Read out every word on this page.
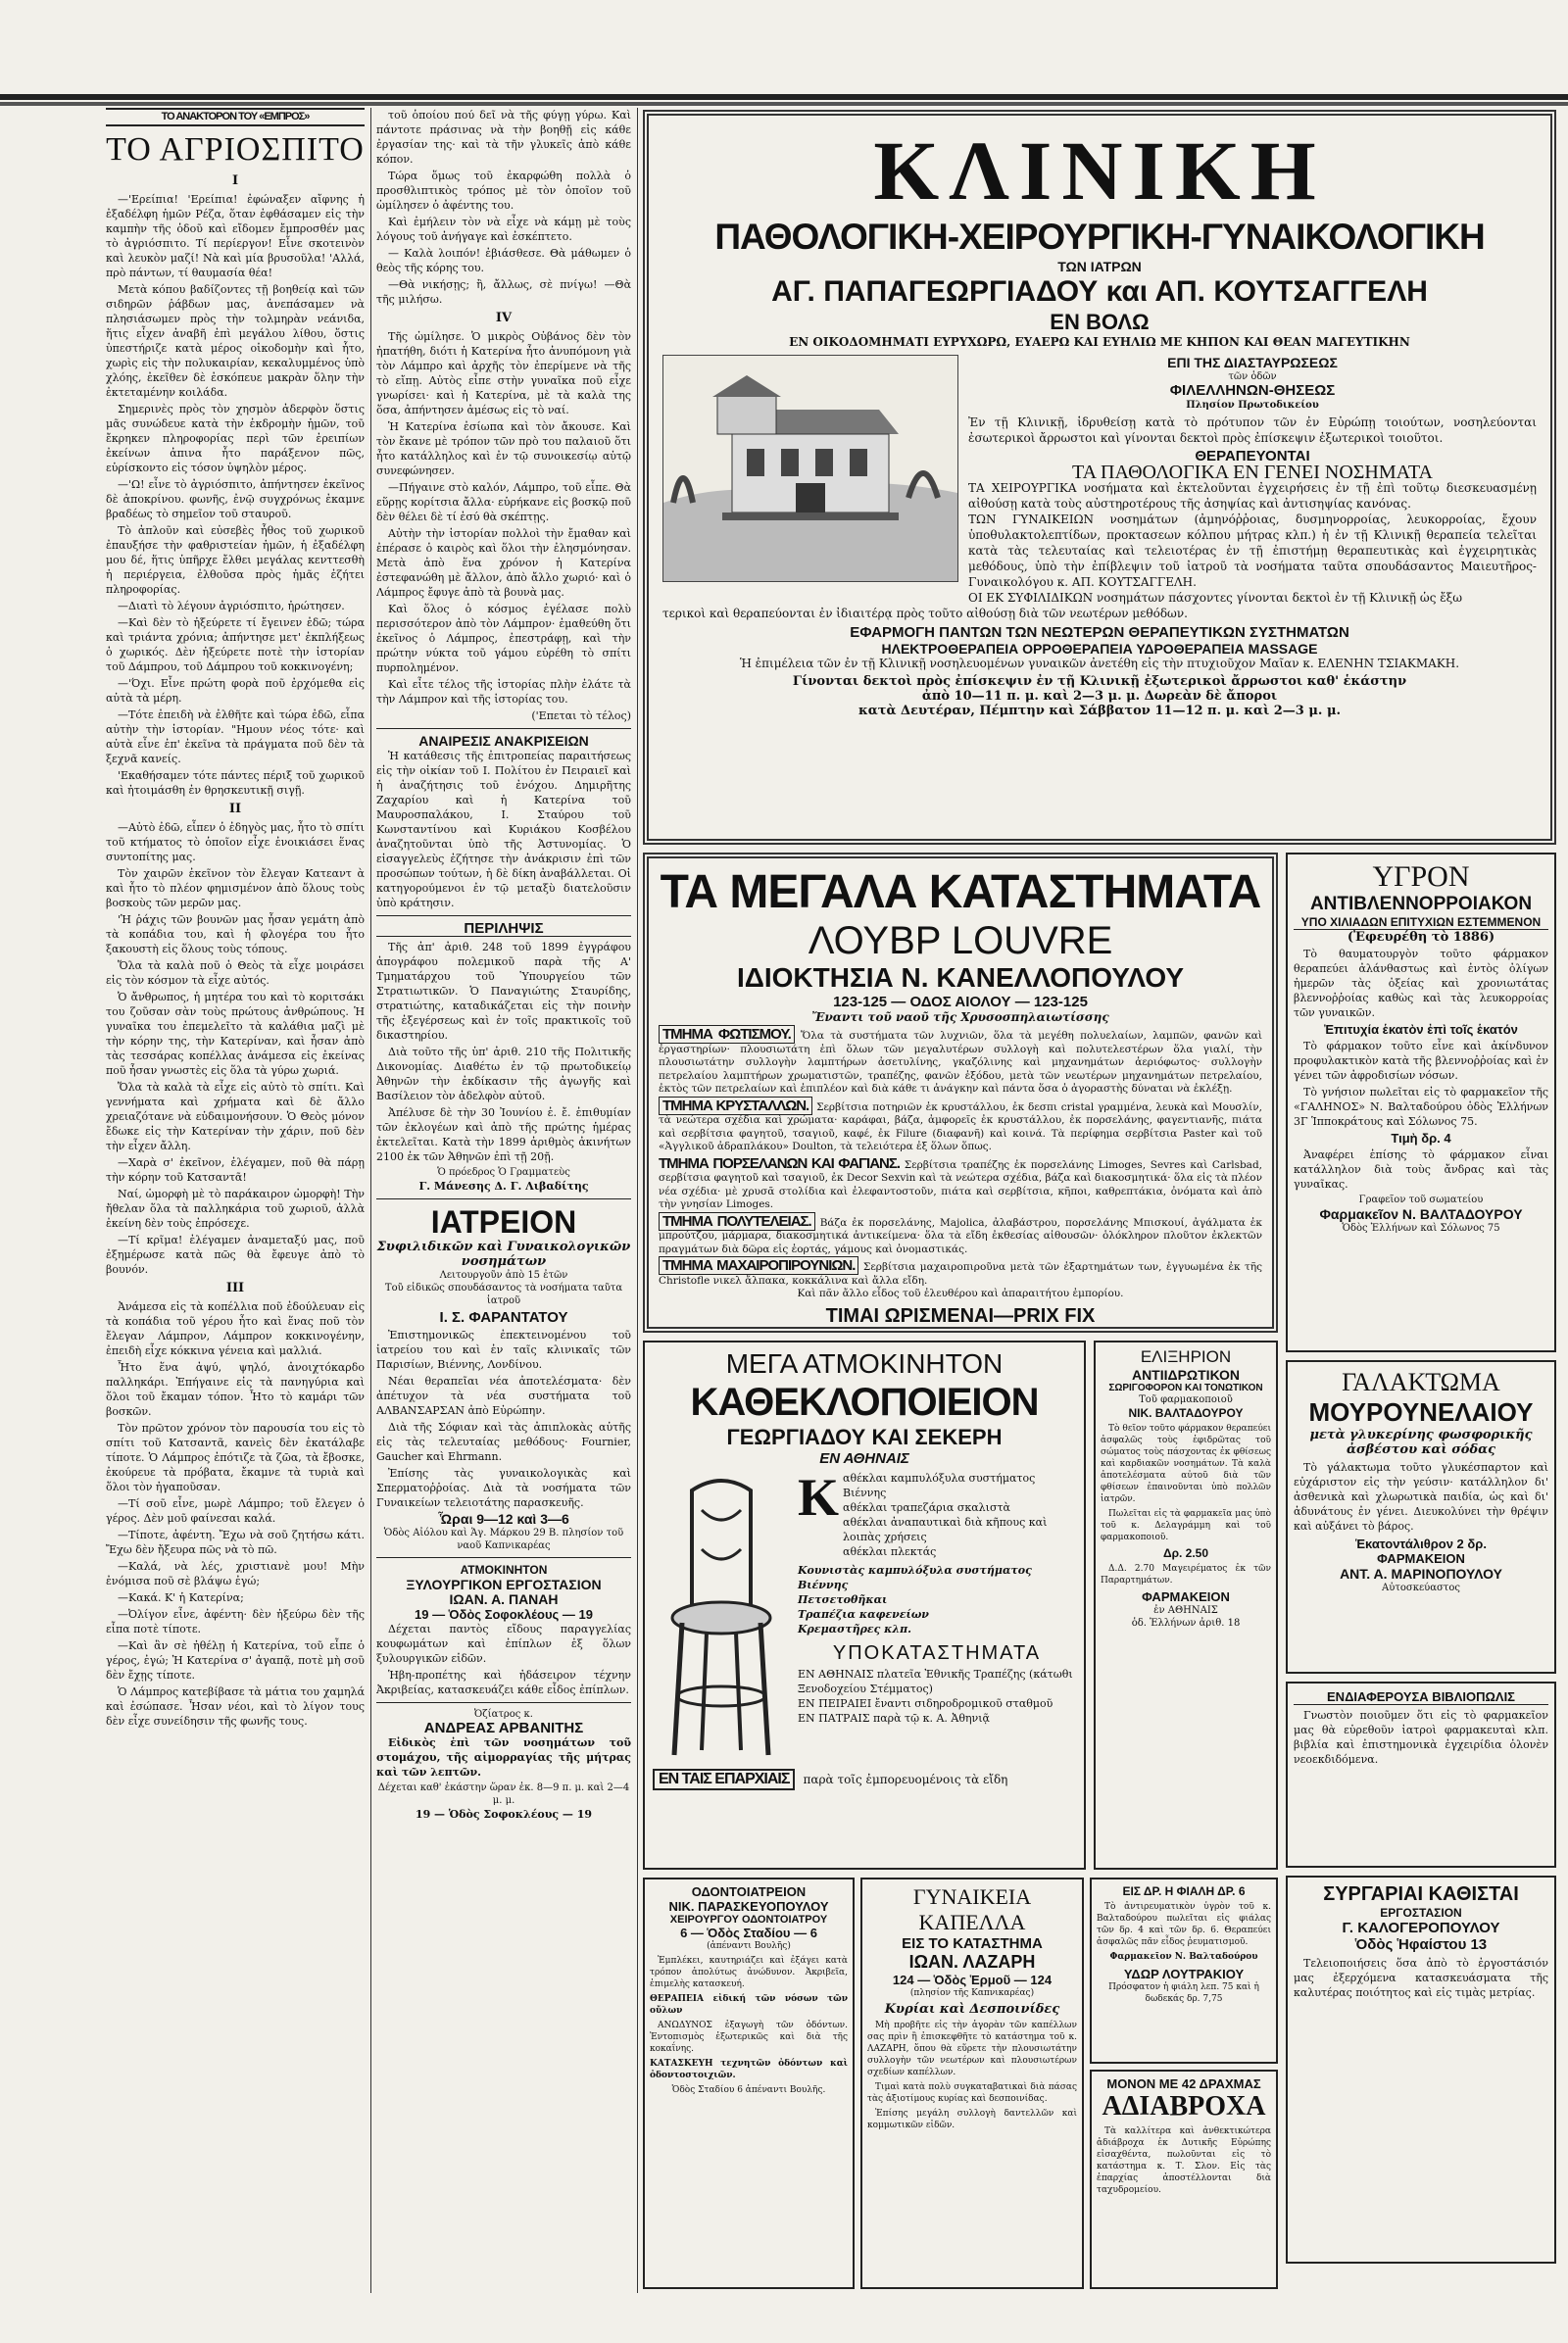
ΤΟ ΑΝΑΚΤΟΡΟΝ ΤΟΥ «ΕΜΠΡΟΣ»
ΤΟ ΑΓΡΙΟΣΠΙΤΟ
I

—'Ερείπια! 'Ερείπια! ἐφώναξεν αἴφνης ἡ ἐξαδέλφη ἡμῶν Ρέζα, ὅταν ἐφθάσαμεν εἰς τὴν καμπὴν τῆς ὁδοῦ καὶ εἴδομεν ἔμπροσθέν μας τὸ ἀγριόσπιτο. Τί περίεργον! Εἶνε σκοτεινὸν καὶ λευκὸν μαζί! Νὰ καὶ μία βρυσοῦλα! 'Αλλά, πρὸ πάντων, τί θαυμασία θέα!

Μετὰ κόπου βαδίζοντες τῇ βοηθείᾳ καὶ τῶν σιδηρῶν ῥάβδων μας, ἀνεπάσαμεν νὰ πλησιάσωμεν πρὸς τὴν τολμηρὰν νεάνιδα, ἥτις εἶχεν ἀναβῆ ἐπὶ μεγάλου λίθου, ὅστις ὑπεστήριζε κατὰ μέρος οἰκοδομὴν καὶ ἧτο, χωρὶς εἰς τὴν πολυκαιρίαν, κεκαλυμμένος ὑπὸ χλόης, ἐκεῖθεν δὲ ἐσκόπευε μακρὰν ὅλην τὴν ἐκτεταμένην κοιλάδα.

Σημερινὲς πρὸς τὸν χησμὸν ἀδερφὸν ὅστις μᾶς συνώδευε κατὰ τὴν ἐκδρομὴν ἡμῶν, τοῦ ἔκρηκεν πληροφορίας περὶ τῶν ἐρειπίων ἐκείνων ἀπινα ἦτο παράξενον πῶς, εὑρίσκοντο εἰς τόσον ὑψηλὸν μέρος.

—'Ω! εἶνε τὸ ἀγριόσπιτο, ἀπήντησεν ἐκεῖνος δὲ ἀποκρίνου. φωνῆς, ἐνῷ συγχρόνως ἐκαμνε βραδέως τὸ σημεῖον τοῦ σταυροῦ.

Τὸ ἀπλοῦν καὶ εὐσεβὲς ἦθος τοῦ χωρικοῦ ἐπαυξήσε τὴν φαθριστείαν ἡμῶν, ἡ ἐξαδέλφη μου δέ, ἥτις ὑπῆρχε ἔλθει μεγάλας κενττεσθὴ ἡ περιέργεια, ἐλθοῦσα πρὸς ἡμᾶς ἐζήτει πληροφορίας.

—Διατὶ τὸ λέγουν ἀγριόσπιτο, ἠρώτησεν.

—Καὶ δὲν τὸ ἠξεύρετε τί ἔγεινεν ἐδῶ; τώρα καὶ τριάντα χρόνια; ἀπήντησε μετ' ἐκπλήξεως ὁ χωρικός. Δὲν ἠξεύρετε ποτὲ τὴν ἱστορίαν τοῦ Δάμπρου, τοῦ Δάμπρου τοῦ κοκκινογένη;

—'Όχι. Εἶνε πρώτη φορὰ ποῦ ἐρχόμεθα εἰς αὐτὰ τὰ μέρη.

—Τότε ἐπειδὴ νὰ ἐλθῆτε καὶ τώρα ἐδῶ, εἶπα αὐτὴν τὴν ἱστορίαν. "Ημουν νέος τότε· καὶ αὐτὰ εἶνε ἐπ' ἐκεῖνα τὰ πράγματα ποῦ δὲν τὰ ξεχνᾶ κανείς.

'Εκαθήσαμεν τότε πάντες πέριξ τοῦ χωρικοῦ καὶ ἠτοιμάσθη ἐν θρησκευτικῇ σιγῇ.

II

—Αὐτὸ ἐδῶ, εἶπεν ὁ ἐδηγὸς μας, ἦτο τὸ σπίτι τοῦ κτήματος τὸ ὁποῖον εἶχε ἐνοικιάσει ἕνας συντοπίτης μας.

Τὸν χαιρῶν ἐκεῖνον τὸν ἔλεγαν Κατεαντ ὰ καὶ ἦτο τὸ πλέον φημισμένον ἀπὸ ὅλους τοὺς βοσκοὺς τῶν μερῶν μας.

'Ἡ ῥάχις τῶν βουνῶν μας ἦσαν γεμάτη ἀπὸ τὰ κοπάδια του, καὶ ἡ φλογέρα του ἦτο ξακουστὴ εἰς ὅλους τοὺς τόπους.

Ὅλα τὰ καλὰ ποῦ ὁ Θεὸς τὰ εἶχε μοιράσει εἰς τὸν κόσμον τὰ εἶχε αὐτός.

Ὁ ἄνθρωπος, ἡ μητέρα του καὶ τὸ κοριτσάκι του ζοῦσαν σὰν τοὺς πρώτους ἀνθρώπους. Ἡ γυναῖκα του ἐπεμελεῖτο τὰ καλάθια μαζὶ μὲ τὴν κόρην της, τὴν Κατερίναν, καὶ ἦσαν ἀπὸ τὰς τεσσάρας κοπέλλας ἀνάμεσα εἰς ἐκείνας ποῦ ἦσαν γνωστὲς εἰς ὅλα τὰ γύρω χωριά.

Ὅλα τὰ καλὰ τὰ εἶχε εἰς αὐτὸ τὸ σπίτι. Καὶ γεννήματα καὶ χρήματα καὶ δὲ ἄλλο χρειαζότανε νὰ εὐδαιμονήσουν. Ὁ Θεὸς μόνον ἔδωκε εἰς τὴν Κατερίναν τὴν χάριν, ποῦ δὲν τὴν εἶχεν ἄλλη.

—Χαρὰ σ' ἐκεῖνον, ἐλέγαμεν, ποῦ θὰ πάρῃ τὴν κόρην τοῦ Κατσαντᾶ!

Ναί, ὡμορφὴ μὲ τὸ παράκαιρον ὡμορφὴ! Τὴν ἤθελαν ὅλα τὰ παλληκάρια τοῦ χωριοῦ, ἀλλὰ ἐκείνη δὲν τοὺς ἐπρόσεχε.

—Τί κρῖμα! ἐλέγαμεν ἀναμεταξύ μας, ποῦ ἐξημέρωσε κατὰ πῶς θὰ ἔφευγε ἀπὸ τὸ βουνόν.

III

Ἀνάμεσα εἰς τὰ κοπέλλια ποῦ ἐδούλευαν εἰς τὰ κοπάδια τοῦ γέρου ἦτο καὶ ἕνας ποῦ τὸν ἔλεγαν Λάμπρον, Λάμπρον κοκκινογένην, ἐπειδὴ εἶχε κόκκινα γένεια καὶ μαλλιά.

Ἦτο ἕνα ἀψύ, ψηλό, ἀνοιχτόκαρδο παλληκάρι. Ἐπήγαινε εἰς τὰ πανηγύρια καὶ ὅλοι τοῦ ἔκαμαν τόπον. Ἦτο τὸ καμάρι τῶν βοσκῶν.

Τὸν πρῶτον χρόνον τὸν παρουσία του εἰς τὸ σπίτι τοῦ Κατσαντᾶ, κανεὶς δὲν ἐκατάλαβε τίποτε. Ὁ Λάμπρος ἐπότιζε τὰ ζῶα, τὰ ἔβοσκε, ἐκούρευε τὰ πρόβατα, ἔκαμνε τὰ τυριὰ καὶ ὅλοι τὸν ἠγαποῦσαν.

—Τί σοῦ εἶνε, μωρὲ Λάμπρο; τοῦ ἔλεγεν ὁ γέρος. Δὲν μοῦ φαίνεσαι καλά.

—Τίποτε, ἀφέντη. Ἔχω νὰ σοῦ ζητήσω κάτι. Ἔχω δὲν ἤξευρα πῶς νὰ τὸ πῶ.

—Καλά, νὰ λές, χριστιανὲ μου! Μὴν ἐνόμισα ποῦ σὲ βλάψω ἐγώ;

—Κακά. Κ' ἡ Κατερίνα;

—Ὀλίγον εἶνε, ἀφέντη· δὲν ἠξεύρω δὲν τῆς εἶπα ποτὲ τίποτε.

—Καὶ ἂν σὲ ἠθέλῃ ἡ Κατερίνα, τοῦ εἶπε ὁ γέρος, ἐγώ; Ἡ Κατερίνα σ' ἀγαπᾷ, ποτὲ μὴ σοῦ δὲν ἔχῃς τίποτε.

Ὁ Λάμπρος κατεβίβασε τὰ μάτια του χαμηλά καὶ ἐσώπασε. Ἦσαν νέοι, καὶ τὸ λίγον τους δὲν εἶχε συνείδησιν τῆς φωνῆς τους.

τοῦ ὁποίου πού δεῖ νὰ τῆς φύγῃ γύρω. Καὶ πάντοτε πράσινας νὰ τὴν βοηθῇ εἰς κάθε ἐργασίαν της· καὶ τὰ τῆν γλυκεῖς ἀπὸ κάθε κόπον.

Τώρα ὅμως τοῦ ἐκαρφώθη πολλὰ ὁ προσθλιπτικὸς τρόπος μὲ τὸν ὁποῖον τοῦ ὡμίλησεν ὁ ἀφέντης του.

Καὶ ἐμήλειν τὸν νὰ εἶχε νὰ κάμῃ μὲ τοὺς λόγους τοῦ ἀνήγαγε καὶ ἐσκέπτετο.

— Καλὰ λοιπόν! ἐβιάσθεσε. Θὰ μάθωμεν ὁ θεὸς τῆς κόρης του.

—Θὰ νικήσῃς; ἢ, ἄλλως, σὲ πνίγω! —Θὰ τῆς μιλήσω.

IV

Τῆς ὡμίλησε. Ὁ μικρὸς Οὐβάνος δὲν τὸν ἠπατήθη, διότι ἡ Κατερίνα ἦτο ἀνυπόμονη γιὰ τὸν Λάμπρο καὶ ἀρχῆς τὸν ἐπερίμενε νὰ τῆς τὸ εἴπῃ. Αὐτὸς εἶπε στὴν γυναῖκα ποῦ εἶχε γνωρίσει· καὶ ἡ Κατερίνα, μὲ τὰ καλὰ της ὅσα, ἀπήντησεν ἀμέσως εἰς τὸ ναί.

Ἡ Κατερίνα ἐσίωπα καὶ τὸν ἄκουσε. Καὶ τὸν ἔκανε μὲ τρόπον τῶν πρὸ του παλαιοῦ ὅτι ἦτο κατάλληλος καὶ ἐν τῷ συνοικεσίῳ αὐτῷ συνεφώνησεν.

—Πήγαινε στὸ καλόν, Λάμπρο, τοῦ εἶπε. Θὰ εὕρῃς κορίτσια ἄλλα· εὑρήκανε εἰς βοσκῷ ποῦ δὲν θέλει δὲ τί ἐσύ θὰ σκέπτῃς.

Αὐτὴν τὴν ἱστορίαν πολλοὶ τὴν ἔμαθαν καὶ ἐπέρασε ὁ καιρὸς καὶ ὅλοι τὴν ἐλησμόνησαν. Μετὰ ἀπὸ ἕνα χρόνον ἡ Κατερίνα ἐστεφανώθη μὲ ἄλλον, ἀπὸ ἄλλο χωριό· καὶ ὁ Λάμπρος ἔφυγε ἀπὸ τὰ βουνὰ μας.

Καὶ ὅλος ὁ κόσμος ἐγέλασε πολὺ περισσότερον ἀπὸ τὸν Λάμπρον· ἐμαθεύθη ὅτι ἐκεῖνος ὁ Λάμπρος, ἐπεστράφῃ, καὶ τὴν πρώτην νύκτα τοῦ γάμου εὑρέθη τὸ σπίτι πυρπολημένον.

Καὶ εἶτε τέλος τῆς ἱστορίας πλὴν ἐλάτε τὰ τὴν Λάμπρον καὶ τῆς ἱστορίας του.

('Επεται τὸ τέλος)
ΑΝΑΙΡΕΣΙΣ ΑΝΑΚΡΙΣΕΙΩΝ

Ἡ κατάθεσις τῆς ἐπιτροπείας παραιτήσεως εἰς τὴν οἰκίαν τοῦ Ι. Πολίτου ἐν Πειραιεῖ καὶ ἡ ἀναζήτησις τοῦ ἐνόχου. Δημιρῆτης Ζαχαρίου καὶ ἡ Κατερίνα τοῦ Μαυροσπαλάκου, Ι. Σταύρου τοῦ Κωνσταντίνου καὶ Κυριάκου Κοσβέλου ἀναζητοῦνται ὑπὸ τῆς Ἀστυνομίας. Ὁ εἰσαγγελεὺς ἐζήτησε τὴν ἀνάκρισιν ἐπὶ τῶν προσώπων τούτων, ἡ δὲ δίκη ἀναβάλλεται. Οἱ κατηγορούμενοι ἐν τῷ μεταξὺ διατελοῦσιν ὑπὸ κράτησιν.

ΠΕΡΙΛΗΨΙΣ

Τῆς ἀπ' ἀριθ. 248 τοῦ 1899 ἐγγράφου ἀπογράφου πολεμικοῦ παρὰ τῆς Α' Τμηματάρχου τοῦ Ὑπουργείου τῶν Στρατιωτικῶν. Ὁ Παναγιώτης Σταυρίδης, στρατιώτης, καταδικάζεται εἰς τὴν ποινὴν τῆς ἐξεγέρσεως καὶ ἐν τοῖς πρακτικοῖς τοῦ δικαστηρίου.

Διὰ τοῦτο τῆς ὑπ' ἀριθ. 210 τῆς Πολιτικῆς Δικονομίας. Διαθέτω ἐν τῷ πρωτοδικείῳ Ἀθηνῶν τὴν ἐκδίκασιν τῆς ἀγωγῆς καὶ Βασίλειον τὸν ἀδελφὸν αὐτοῦ.

Ἀπέλυσε δὲ τὴν 30 Ἰουνίου ἐ. ἔ. ἐπιθυμίαν τῶν ἐκλογέων καὶ ἀπὸ τῆς πρώτης ἡμέρας ἐκτελεῖται. Κατὰ τὴν 1899 ἀριθμὸς ἀκινήτων 2100 ἐκ τῶν Ἀθηνῶν ἐπὶ τῇ 20ῇ.

Ὁ πρόεδρος Ὁ Γραμματεὺς
Γ. Μάνεσης Δ. Γ. Λιβαδίτης
ΙΑΤΡΕΙΟΝ
Συφιλιδικῶν καὶ Γυναικολογικῶν νοσημάτων
Λειτουργοῦν ἀπὸ 15 ἐτῶν
Τοῦ εἰδικῶς σπουδάσαντος τὰ νοσήματα ταῦτα ἰατροῦ
Ι. Σ. ΦΑΡΑΝΤΑΤΟΥ

Ἐπιστημονικῶς ἐπεκτεινομένου τοῦ ἰατρείου του καὶ ἐν ταῖς κλινικαῖς τῶν Παρισίων, Βιέννης, Λονδίνου.

Νέαι θεραπεῖαι νέα ἀποτελέσματα· δὲν ἀπέτυχον τὰ νέα συστήματα τοῦ ΑΛΒΑΝΣΑΡΣΑΝ ἀπὸ Εὐρώπην.

Διὰ τῆς Σόφιαν καὶ τὰς ἀπιπλοκὰς αὐτῆς εἰς τὰς τελευταίας μεθόδους· Fournier, Gaucher καὶ Ehrmann.

Ἐπίσης τὰς γυναικολογικὰς καὶ Σπερματοῤῥοίας. Διὰ τὰ νοσήματα τῶν Γυναικείων τελειοτάτης παρασκευῆς.

Ὧραι 9—12 καὶ 3—6
Ὁδὸς Αἰόλου καὶ Ἁγ. Μάρκου 29 Β. πλησίον τοῦ ναοῦ Καπνικαρέας
ΑΤΜΟΚΙΝΗΤΟΝ
ΞΥΛΟΥΡΓΙΚΟΝ ΕΡΓΟΣΤΑΣΙΟΝ
ΙΩΑΝ. Α. ΠΑΝΑΗ
19 — Ὁδὸς Σοφοκλέους — 19

Δέχεται παντὸς εἴδους παραγγελίας κουφωμάτων καὶ ἐπίπλων ἐξ ὅλων ξυλουργικῶν εἰδῶν.

Ἡβη-προπέτης καὶ ἠδάσειρον τέχνην Ἀκριβείας, κατασκευάζει κάθε εἶδος ἐπίπλων.

Ὀζίατρος κ.
ΑΝΔΡΕΑΣ ΑΡΒΑΝΙΤΗΣ

Εἰδικὸς ἐπὶ τῶν νοσημάτων τοῦ στομάχου, τῆς αἱμορραγίας τῆς μήτρας καὶ τῶν λεπτῶν.

Δέχεται καθ' ἑκάστην ὥραν ἐκ. 8—9 π. μ. καὶ 2—4 μ. μ.
19 — Ὁδὸς Σοφοκλέους — 19
ΚΛΙΝΙΚΗ
ΠΑΘΟΛΟΓΙΚΗ-ΧΕΙΡΟΥΡΓΙΚΗ-ΓΥΝΑΙΚΟΛΟΓΙΚΗ
ΤΩΝ ΙΑΤΡΩΝ
ΑΓ. ΠΑΠΑΓΕΩΡΓΙΑΔΟΥ και ΑΠ. ΚΟΥΤΣΑΓΓΕΛΗ
ΕΝ ΒΟΛΩ
ΕΝ ΟΙΚΟΔΟΜΗΜΑΤΙ ΕΥΡΥΧΩΡΩ, ΕΥΑΕΡΩ ΚΑΙ ΕΥΗΛΙΩ ΜΕ ΚΗΠΟΝ ΚΑΙ ΘΕΑΝ ΜΑΓΕΥΤΙΚΗΝ
ΕΠΙ ΤΗΣ ΔΙΑΣΤΑΥΡΩΣΕΩΣ
τῶν ὁδῶν
ΦΙΛΕΛΛΗΝΩΝ-ΘΗΣΕΩΣ
Πλησίον Πρωτοδικείου
Ἐν τῇ Κλινικῇ, ἱδρυθείσῃ κατὰ τὸ πρότυπον τῶν ἐν Εὐρώπῃ τοιούτων, νοσηλεύονται ἐσωτερικοὶ ἄρρωστοι καὶ γίνονται δεκτοὶ πρὸς ἐπίσκεψιν ἐξωτερικοὶ τοιοῦτοι.
ΘΕΡΑΠΕΥΟΝΤΑΙ
ΤΑ ΠΑΘΟΛΟΓΙΚΑ ΕΝ ΓΕΝΕΙ ΝΟΣΗΜΑΤΑ
ΤΑ ΧΕΙΡΟΥΡΓΙΚΑ νοσήματα καὶ ἐκτελοῦνται ἐγχειρήσεις ἐν τῇ ἐπὶ τοῦτῳ διεσκευασμένῃ αἰθούσῃ κατὰ τοὺς αὐστηροτέρους τῆς ἀσηψίας καὶ ἀντισηψίας κανόνας.
ΤΩΝ ΓΥΝΑΙΚΕΙΩΝ νοσημάτων (ἀμηνόῤῥοιας, δυσμηνορροίας, λευκορροίας, ἔχουν ὑποθυλακτολεπτίδων, προκτασεων κόλπου μήτρας κλπ.) ἡ ἐν τῇ Κλινικῇ θεραπεία τελεῖται κατὰ τὰς τελευταίας καὶ τελειοτέρας ἐν τῇ ἐπιστήμῃ θεραπευτικὰς καὶ ἐγχειρητικὰς μεθόδους, ὑπὸ τὴν ἐπίβλεψιν τοῦ ἰατροῦ τὰ νοσήματα ταῦτα σπουδάσαντος Μαιευτῆρος-Γυναικολόγου κ. ΑΠ. ΚΟΥΤΣΑΓΓΕΛΗ.
ΟΙ ΕΚ ΣΥΦΙΛΙΔΙΚΩΝ νοσημάτων πάσχοντες γίνονται δεκτοὶ ἐν τῇ Κλινικῇ ὡς ἔξω
τερικοὶ καὶ θεραπεύονται ἐν ἰδιαιτέρᾳ πρὸς τοῦτο αἰθούσῃ διὰ τῶν νεωτέρων μεθόδων.
ΕΦΑΡΜΟΓΗ ΠΑΝΤΩΝ ΤΩΝ ΝΕΩΤΕΡΩΝ ΘΕΡΑΠΕΥΤΙΚΩΝ ΣΥΣΤΗΜΑΤΩΝ
ΗΛΕΚΤΡΟΘΕΡΑΠΕΙΑ ΟΡΡΟΘΕΡΑΠΕΙΑ ΥΔΡΟΘΕΡΑΠΕΙΑ MASSAGE
Ἡ ἐπιμέλεια τῶν ἐν τῇ Κλινικῇ νοσηλευομένων γυναικῶν ἀνετέθη εἰς τὴν πτυχιοῦχον Μαῖαν κ. ΕΛΕΝΗΝ ΤΣΙΑΚΜΑΚΗ.
Γίνονται δεκτοὶ πρὸς ἐπίσκεψιν ἐν τῇ Κλινικῇ ἐξωτερικοὶ ἄρρωστοι καθ' ἑκάστην
ἀπὸ 10—11 π. μ. καὶ 2—3 μ. μ. Δωρεὰν δὲ ἄποροι
κατὰ Δευτέραν, Πέμπτην καὶ Σάββατον 11—12 π. μ. καὶ 2—3 μ. μ.
ΤΑ ΜΕΓΑΛΑ ΚΑΤΑΣΤΗΜΑΤΑ
ΛΟΥΒΡ LOUVRE
ΙΔΙΟΚΤΗΣΙΑ Ν. ΚΑΝΕΛΛΟΠΟΥΛΟΥ
123-125 — ΟΔΟΣ ΑΙΟΛΟΥ — 123-125
Ἔναντι τοῦ ναοῦ τῆς Χρυσοσπηλαιωτίσσης
ΤΜΗΜΑ ΦΩΤΙΣΜΟΥ. Ὅλα τὰ συστήματα τῶν λυχνιῶν, ὅλα τὰ μεγέθη πολυελαίων, λαμπῶν, φανῶν καὶ ἐργαστηρίων· πλουσιωτάτη ἐπὶ ὅλων τῶν μεγαλυτέρων συλλογὴ καὶ πολυτελεστέρων ὅλα γιαλί, τὴν πλουσιωτάτην συλλογὴν λαμπτήρων ἀσετυλίνης, γκαζόλινης καὶ μηχανημάτων ἀεριόφωτος· συλλογὴν πετρελαίου λαμπτήρων χρωματιστῶν, τραπέζης, φανῶν ἐξόδου, μετὰ τῶν νεωτέρων μηχανημάτων πετρελαίου, ἐκτὸς τῶν πετρελαίων καὶ ἐπιπλέον καὶ διὰ κάθε τι ἀνάγκην καὶ πάντα ὅσα ὁ ἀγοραστὴς δύναται νὰ ἐκλέξῃ.
ΤΜΗΜΑ ΚΡΥΣΤΑΛΛΩΝ. Σερβίτσια ποτηριῶν ἐκ κρυστάλλου, ἐκ δεσπι cristal γραμμένα, λευκὰ καὶ Μουσλίν, τὰ νεώτερα σχέδια καὶ χρώματα· καράφαι, βάζα, ἀμφορεῖς ἐκ κρυστάλλου, ἐκ πορσελάνης, φαγεντιανῆς, πιάτα καὶ σερβίτσια φαγητοῦ, τσαγιοῦ, καφέ, ἐκ Filure (διαφανῆ) καὶ κοινά. Τὰ περίφημα σερβίτσια Paster καὶ τοῦ «Ἀγγλικοῦ ἀδραπλάκου» Doulton, τὰ τελειότερα ἐξ ὅλων ὅπως.
ΤΜΗΜΑ ΠΟΡΣΕΛΑΝΩΝ ΚΑΙ ΦΑΓΙΑΝΣ. Σερβίτσια τραπέζης ἐκ πορσελάνης Limoges, Sevres καὶ Carlsbad, σερβίτσια φαγητοῦ καὶ τσαγιοῦ, ἐκ Decor Sexvin καὶ τὰ νεώτερα σχέδια, βάζα καὶ διακοσμητικά· ὅλα εἰς τὰ πλέον νέα σχέδια· μὲ χρυσᾶ στολίδια καὶ ἐλεφαντοστοῦν, πιάτα καὶ σερβίτσια, κῆποι, καθρεπτάκια, ὀνόματα καὶ ἀπὸ τὴν γνησίαν Limoges.
ΤΜΗΜΑ ΠΟΛΥΤΕΛΕΙΑΣ. Βάζα ἐκ πορσελάνης, Majolica, ἀλαβάστρου, πορσελάνης Μπισκουί, ἀγάλματα ἐκ μπρούτζου, μάρμαρα, διακοσμητικά ἀντικείμενα· ὅλα τὰ εἴδη ἐκθεσίας αἰθουσῶν· ὁλόκληρον πλοῦτον ἐκλεκτῶν πραγμάτων διὰ δῶρα εἰς ἐορτάς, γάμους καὶ ὀνομαστικάς.
ΤΜΗΜΑ ΜΑΧΑΙΡΟΠΙΡΟΥΝΙΩΝ. Σερβίτσια μαχαιροπιροῦνα μετὰ τῶν ἐξαρτημάτων των, ἐγγυωμένα ἐκ τῆς Christofle νικελ ἄλπακα, κοκκάλινα καὶ ἄλλα εἴδη.
Καὶ πᾶν ἄλλο εἶδος τοῦ ἐλευθέρου καὶ ἀπαραιτήτου ἐμπορίου.
ΤΙΜΑΙ ΩΡΙΣΜΕΝΑΙ—PRIX FIX
ΥΓΡΟΝ
ΑΝΤΙΒΛΕΝΝΟΡΡΟΙΑΚΟΝ
ΥΠΟ ΧΙΛΙΑΔΩΝ ΕΠΙΤΥΧΙΩΝ ΕΣΤΕΜΜΕΝΟΝ
(Ἐφευρέθη τὸ 1886)

Τὸ θαυματουργὸν τοῦτο φάρμακον θεραπεύει ἀλάνθαστως καὶ ἐντὸς ὀλίγων ἡμερῶν τὰς ὀξείας καὶ χρονιωτάτας βλεννοῤῥοίας καθὼς καὶ τὰς λευκορροίας τῶν γυναικῶν.

Ἐπιτυχία ἑκατὸν ἐπὶ τοῖς ἑκατόν

Τὸ φάρμακον τοῦτο εἶνε καὶ ἀκίνδυνον προφυλακτικὸν κατὰ τῆς βλεννοῤῥοίας καὶ ἐν γένει τῶν ἀφροδισίων νόσων.

Τὸ γνήσιον πωλεῖται εἰς τὸ φαρμακεῖον τῆς «ΓΑΛΗΝΟΣ» Ν. Βαλταδούρου ὁδὸς Ἑλλήνων 3Γ Ἱπποκράτους καὶ Σόλωνος 75.

Τιμὴ δρ. 4

Ἀναφέρει ἐπίσης τὸ φάρμακον εἶναι κατάλληλον διὰ τοὺς ἄνδρας καὶ τὰς γυναῖκας.

Γραφεῖον τοῦ σωματείου
Φαρμακεῖον Ν. ΒΑΛΤΑΔΟΥΡΟΥ
Ὁδὸς Ἑλλήνων καὶ Σόλωνος 75
ΓΑΛΑΚΤΩΜΑ
ΜΟΥΡΟΥΝΕΛΑΙΟΥ
μετὰ γλυκερίνης φωσφορικῆς ἀσβέστου καὶ σόδας

Τὸ γάλακτωμα τοῦτο γλυκέσπαρτον καὶ εὐχάριστον εἰς τὴν γεύσιν· κατάλληλον δι' ἀσθενικὰ καὶ χλωρωτικὰ παιδία, ὡς καὶ δι' ἀδυνάτους ἐν γένει. Διευκολύνει τὴν θρέψιν καὶ αὐξάνει τὸ βάρος.

Ἑκατοντάλιθρον 2 δρ.
ΦΑΡΜΑΚΕΙΟΝ
ΑΝΤ. Α. ΜΑΡΙΝΟΠΟΥΛΟΥ
Αὐτοσκεύαστος
ΕΝΔΙΑΦΕΡΟΥΣΑ ΒΙΒΛΙΟΠΩΛΙΣ

Γνωστὸν ποιοῦμεν ὅτι εἰς τὸ φαρμακεῖον μας θὰ εὑρεθοῦν ἰατροὶ φαρμακευταὶ κλπ. βιβλία καὶ ἐπιστημονικὰ ἐγχειρίδια ὁλονὲν νεοεκδιδόμενα.

ΣΥΡΓΑΡΙΑΙ ΚΑΘΙΣΤΑΙ
ΕΡΓΟΣΤΑΣΙΟΝ
Γ. ΚΑΛΟΓΕΡΟΠΟΥΛΟΥ
Ὁδὸς Ἡφαίστου 13

Τελειοποιήσεις ὅσα ἀπὸ τὸ ἐργοστάσιόν μας ἐξερχόμενα κατασκευάσματα τῆς καλυτέρας ποιότητος καὶ εἰς τιμὰς μετρίας.

ΜΕΓΑ ΑΤΜΟΚΙΝΗΤΟΝ
ΚΑΘΕΚΛΟΠΟΙΕΙΟΝ
ΓΕΩΡΓΙΑΔΟΥ ΚΑΙ ΣΕΚΕΡΗ
ΕΝ ΑΘΗΝΑΙΣ
Κ αθέκλαι καμπυλόξυλα συστήματος Βιέννης
αθέκλαι τραπεζάρια σκαλιστὰ
αθέκλαι ἀναπαυτικαὶ διὰ κῆπους καὶ λοιπὰς χρήσεις
αθέκλαι πλεκτάς
Κουνιστὰς καμπυλόξυλα συστήματος Βιέννης
Πετσετοθῆκαι
Τραπέζια καφενείων
Κρεμαστῆρες κλπ.
ΥΠΟΚΑΤΑΣΤΗΜΑΤΑ
ΕΝ ΑΘΗΝΑΙΣ πλατεῖα Ἐθνικῆς Τραπέζης (κάτωθι Ξενοδοχείου Στέμματος)
ΕΝ ΠΕΙΡΑΙΕΙ ἔναντι σιδηροδρομικοῦ σταθμοῦ
ΕΝ ΠΑΤΡΑΙΣ παρὰ τῷ κ. Α. Ἀθηνιᾷ
ΕΝ ΤΑΙΣ ΕΠΑΡΧΙΑΙΣ	παρὰ τοῖς ἐμπορευομένοις τὰ εἴδη
ΕΛΙΞΗΡΙΟΝ
ΑΝΤΙΙΔΡΩΤΙΚΟΝ
ΣΩΡΙΓΟΦΟΡΟΝ ΚΑΙ ΤΟΝΩΤΙΚΟΝ
Τοῦ φαρμακοποιοῦ
ΝΙΚ. ΒΑΛΤΑΔΟΥΡΟΥ

Τὸ θεῖον τοῦτο φάρμακον θεραπεύει ἀσφαλῶς τοὺς ἐφιδρῶτας τοῦ σώματος τοὺς πάσχοντας ἐκ φθίσεως καὶ καρδιακῶν νοσημάτων. Τὰ καλὰ ἀποτελέσματα αὐτοῦ διὰ τῶν φθίσεων ἐπαινοῦνται ὑπὸ πολλῶν ἰατρῶν.

Πωλεῖται εἰς τὰ φαρμακεῖα μας ὑπὸ τοῦ κ. Δελαγράμμη καὶ τοῦ φαρμακοποιοῦ.

Δρ. 2.50

Δ.Δ. 2.70 Μαγειρέματος ἐκ τῶν Παραρτημάτων.

ΦΑΡΜΑΚΕΙΟΝ
ἐν ΑΘΗΝΑΙΣ
ὁδ. Ἑλλήνων ἀριθ. 18
ΟΔΟΝΤΟΙΑΤΡΕΙΟΝ
ΝΙΚ. ΠΑΡΑΣΚΕΥΟΠΟΥΛΟΥ
ΧΕΙΡΟΥΡΓΟΥ ΟΔΟΝΤΟΙΑΤΡΟΥ
6 — Ὁδὸς Σταδίου — 6
(ἀπέναντι Βουλῆς)

Ἐμπλέκει, καυτηριάζει καὶ ἐξάγει κατὰ τρόπον ἀπολύτως ἀνώδυνον. Ἀκριβεῖα, ἐπιμελὴς κατασκευή.

ΘΕΡΑΠΕΙΑ εἰδική τῶν νόσων τῶν οὔλων

ΑΝΩΔΥΝΟΣ ἐξαγωγὴ τῶν ὀδόντων. Ἐντοπισμὸς ἐξωτερικῶς καὶ διὰ τῆς κοκαΐνης.

ΚΑΤΑΣΚΕΥΗ τεχνητῶν ὀδόντων καὶ ὀδοντοστοιχιῶν.

Ὁδὸς Σταδίου 6 ἀπέναντι Βουλῆς.
ΓΥΝΑΙΚΕΙΑ ΚΑΠΕΛΛΑ
ΕΙΣ ΤΟ ΚΑΤΑΣΤΗΜΑ
ΙΩΑΝ. ΛΑΖΑΡΗ
124 — Ὁδὸς Ἑρμοῦ — 124
(πλησίον τῆς Καπνικαρέας)
Κυρίαι καὶ Δεσποινίδες

Μὴ προβῆτε εἰς τὴν ἀγορὰν τῶν καπέλλων σας πρὶν ἢ ἐπισκεφθῆτε τὸ κατάστημα τοῦ κ. ΛΑΖΑΡΗ, ὅπου θὰ εὕρετε τὴν πλουσιωτάτην συλλογὴν τῶν νεωτέρων καὶ πλουσιωτέρων σχεδίων καπέλλων.

Τιμαὶ κατὰ πολὺ συγκαταβατικαὶ διὰ πάσας τὰς ἀξιοτίμους κυρίας καὶ δεσποινίδας.

Ἐπίσης μεγάλη συλλογὴ δαντελλῶν καὶ κομμωτικῶν εἰδῶν.

ΕΙΣ ΔΡ. Η ΦΙΑΛΗ ΔΡ. 6

Τὸ ἀντιρευματικὸν ὑγρὸν τοῦ κ. Βαλταδούρου πωλεῖται εἰς φιάλας τῶν δρ. 4 καὶ τῶν δρ. 6. Θεραπεύει ἀσφαλῶς πᾶν εἶδος ῥευματισμοῦ.

Φαρμακεῖον Ν. Βαλταδούρου
ΥΔΩΡ ΛΟΥΤΡΑΚΙΟΥ
Πρόσφατον ἡ φιάλη λεπ. 75 καὶ ἡ δωδεκάς δρ. 7,75
ΜΟΝΟΝ ΜΕ 42 ΔΡΑΧΜΑΣ
ΑΔΙΑΒΡΟΧΑ

Τὰ καλλίτερα καὶ ἀνθεκτικώτερα ἀδιάβροχα ἐκ Δυτικῆς Εὐρώπης εἰσαχθέντα, πωλοῦνται εἰς τὸ κατάστημα κ. Τ. Σλον. Εἰς τὰς ἐπαρχίας ἀποστέλλονται διὰ ταχυδρομείου.
